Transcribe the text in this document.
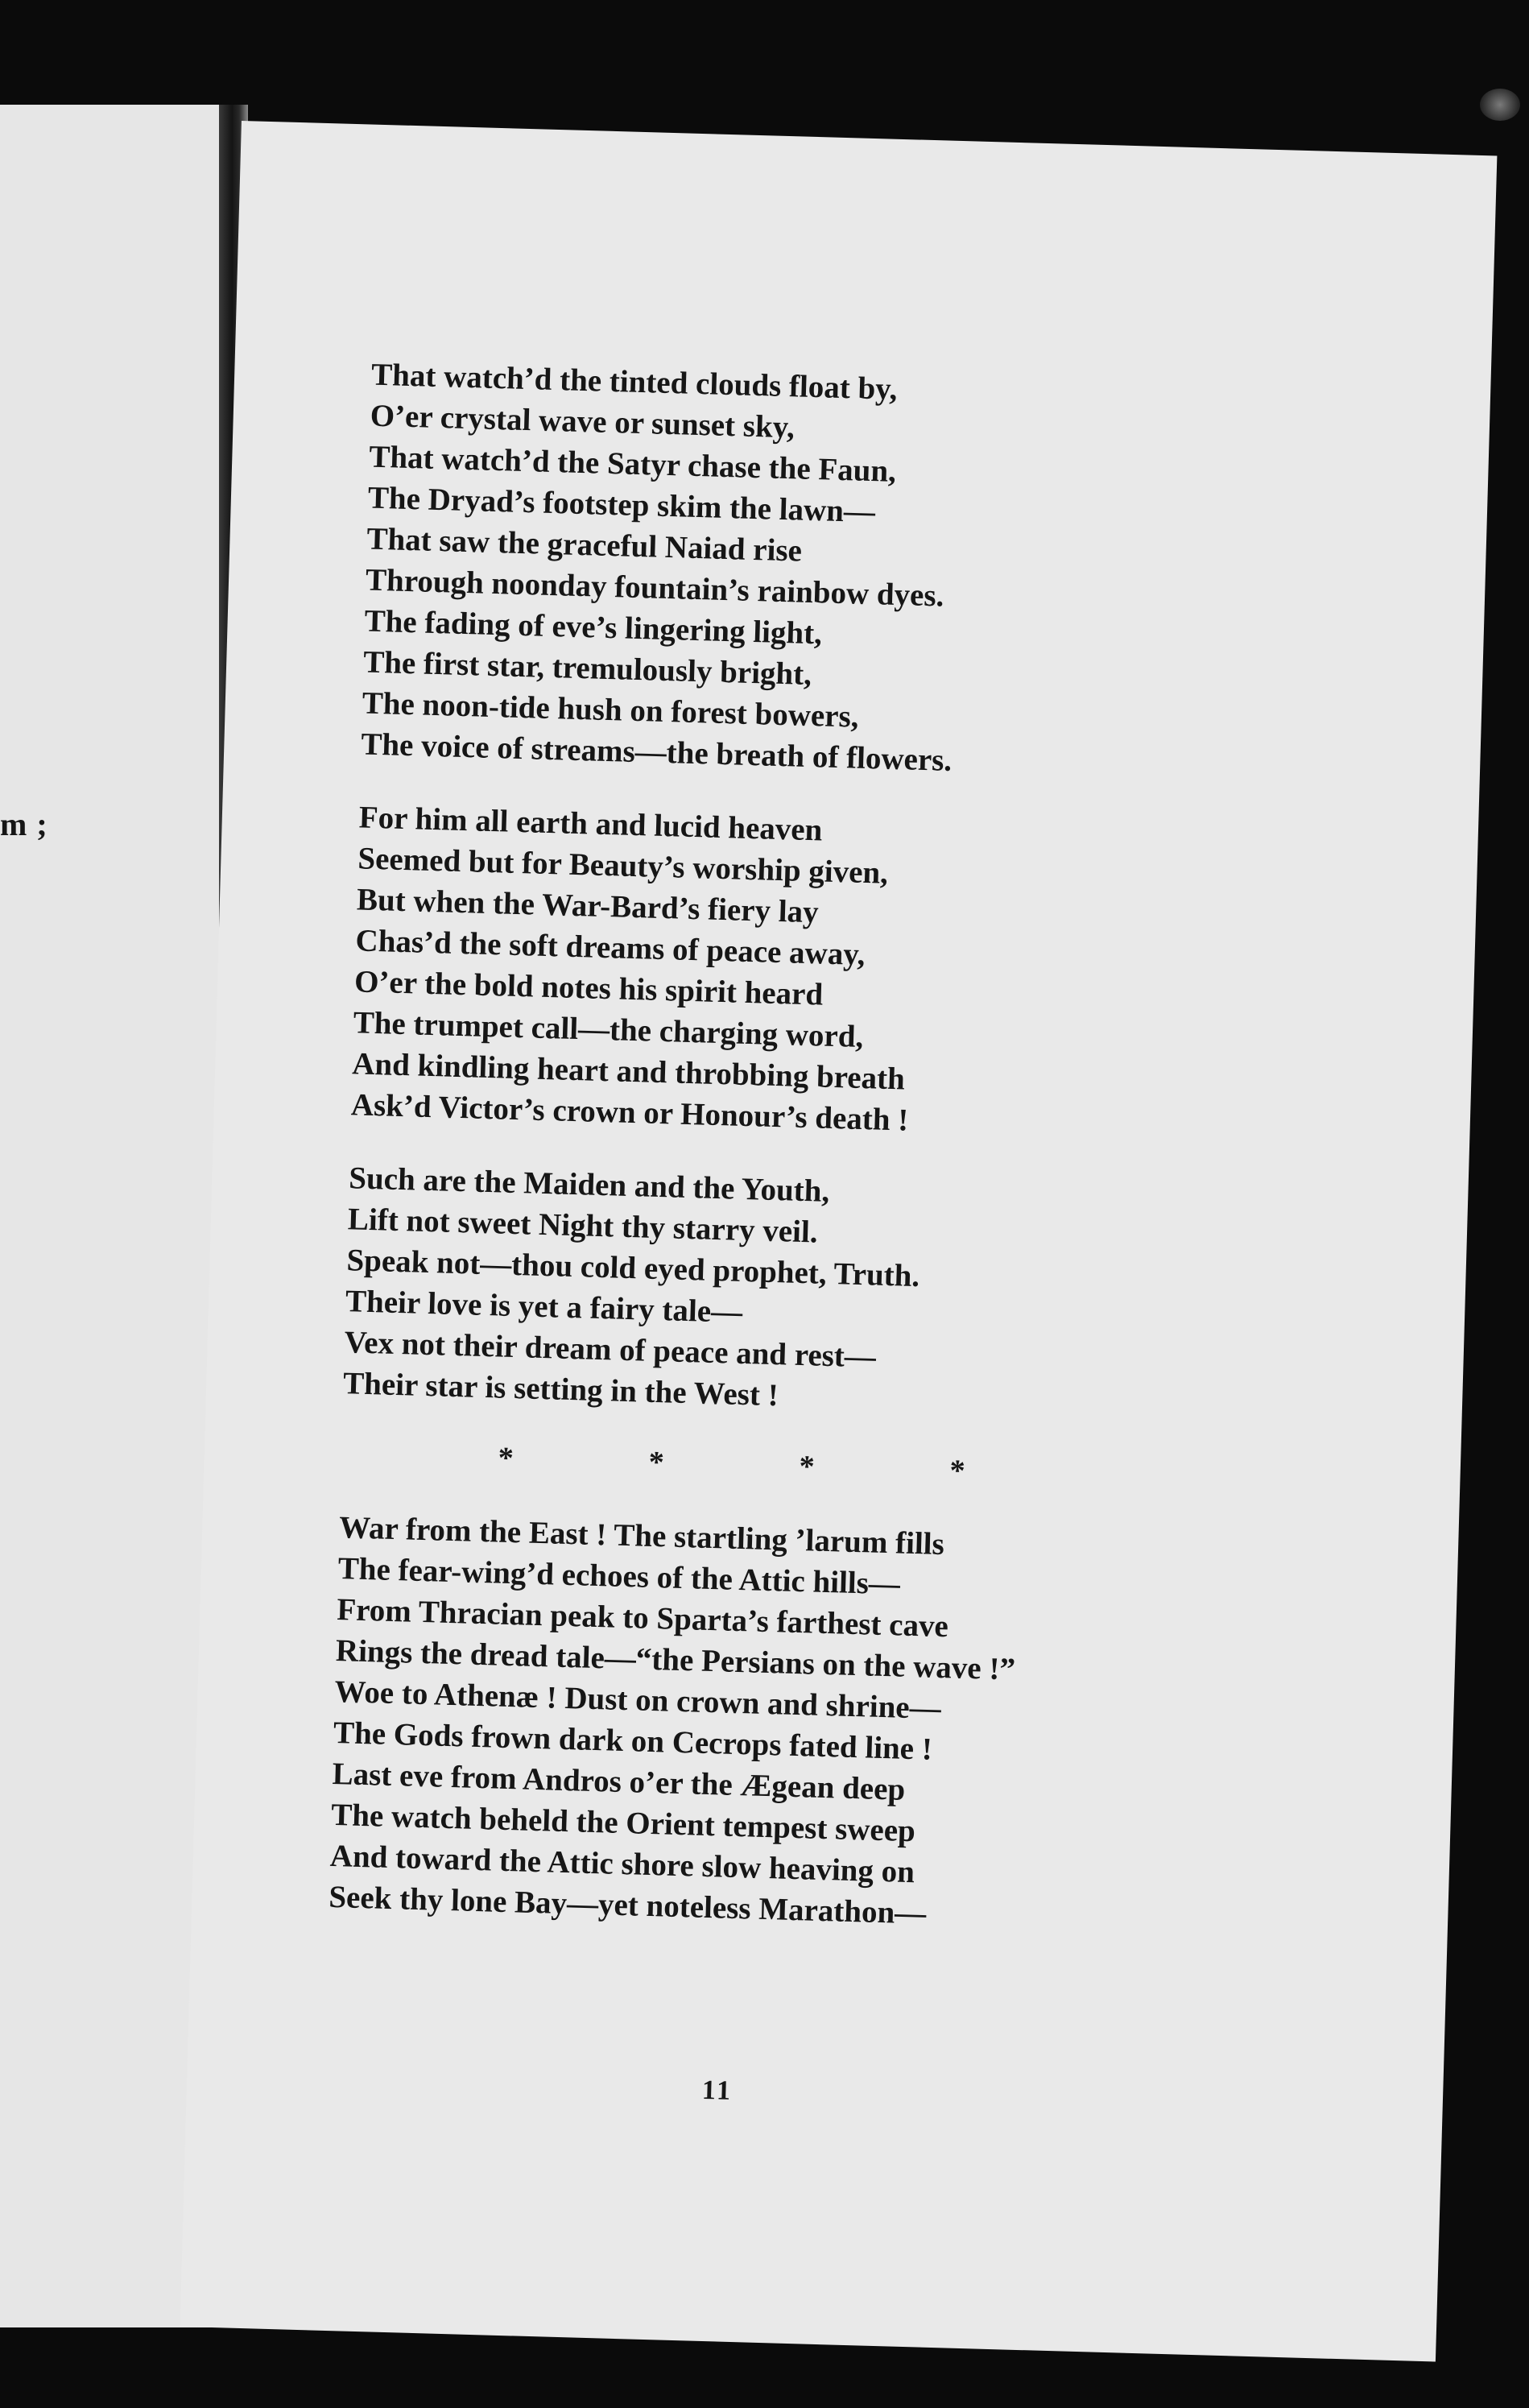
m ;
That watch’d the tinted clouds float by,
O’er crystal wave or sunset sky,
That watch’d the Satyr chase the Faun,
The Dryad’s footstep skim the lawn—
That saw the graceful Naiad rise
Through noonday fountain’s rainbow dyes.
The fading of eve’s lingering light,
The first star, tremulously bright,
The noon-tide hush on forest bowers,
The voice of streams—the breath of flowers.
For him all earth and lucid heaven
Seemed but for Beauty’s worship given,
But when the War-Bard’s fiery lay
Chas’d the soft dreams of peace away,
O’er the bold notes his spirit heard
The trumpet call—the charging word,
And kindling heart and throbbing breath
Ask’d Victor’s crown or Honour’s death !
Such are the Maiden and the Youth,
Lift not sweet Night thy starry veil.
Speak not—thou cold eyed prophet, Truth.
Their love is yet a fairy tale—
Vex not their dream of peace and rest—
Their star is setting in the West !
*	*	*	*
War from the East ! The startling ’larum fills
The fear-wing’d echoes of the Attic hills—
From Thracian peak to Sparta’s farthest cave
Rings the dread tale—“the Persians on the wave !”
Woe to Athenæ ! Dust on crown and shrine—
The Gods frown dark on Cecrops fated line !
Last eve from Andros o’er the Ægean deep
The watch beheld the Orient tempest sweep
And toward the Attic shore slow heaving on
Seek thy lone Bay—yet noteless Marathon—
11
